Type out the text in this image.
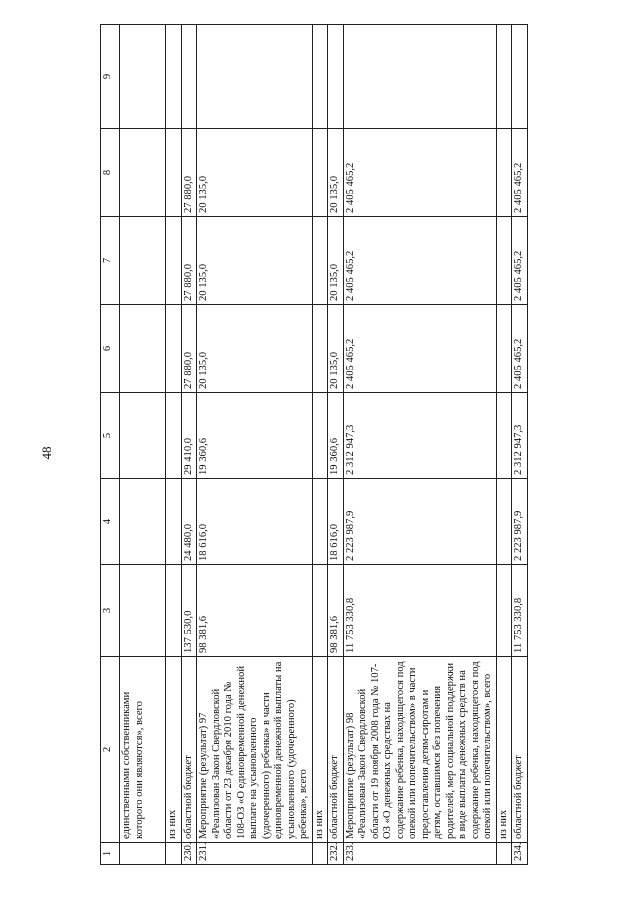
48
1	2	3	4	5	6	7	8	9
	единственными собственниками которого они являются», всего							
	из них							
230.	областной бюджет	137 530,0	24 480,0	29 410,0	27 880,0	27 880,0	27 880,0	
231.	Мероприятие (результат) 97 «Реализован Закон Свердловской области от 23 декабря 2010 года № 108-ОЗ «О единовременной денежной выплате на усыновленного (удочеренного) ребенка» в части единовременной денежной выплаты на усыновленного (удочеренного) ребенка», всего	98 381,6	18 616,0	19 360,6	20 135,0	20 135,0	20 135,0	
	из них							
232.	областной бюджет	98 381,6	18 616,0	19 360,6	20 135,0	20 135,0	20 135,0	
233.	Мероприятие (результат) 98 «Реализован Закон Свердловской области от 19 ноября 2008 года № 107-ОЗ «О денежных средствах на содержание ребенка, находящегося под опекой или попечительством» в части предоставления детям-сиротам и детям, оставшимся без попечения родителей, мер социальной поддержки в виде выплаты денежных средств на содержание ребенка, находящегося под опекой или попечительством», всего	11 753 330,8	2 223 987,9	2 312 947,3	2 405 465,2	2 405 465,2	2 405 465,2	
	из них							
234.	областной бюджет	11 753 330,8	2 223 987,9	2 312 947,3	2 405 465,2	2 405 465,2	2 405 465,2	
